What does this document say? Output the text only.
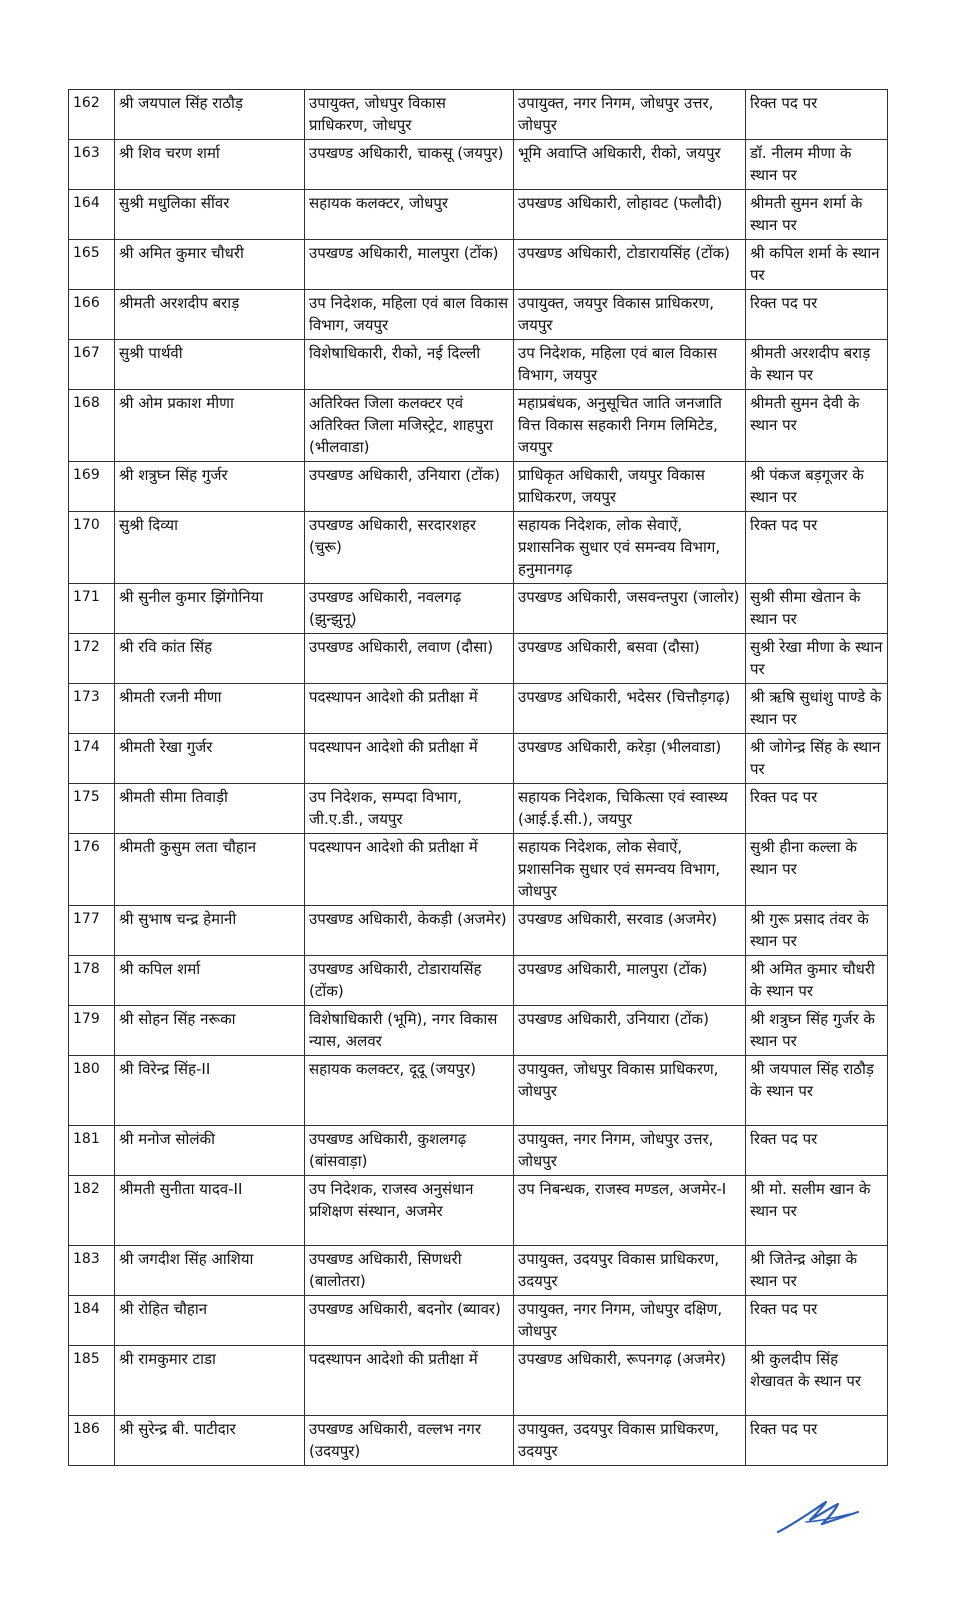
162	श्री जयपाल सिंह राठौड़	उपायुक्त, जोधपुर विकास प्राधिकरण, जोधपुर	उपायुक्त, नगर निगम, जोधपुर उत्तर, जोधपुर	रिक्त पद पर
163	श्री शिव चरण शर्मा	उपखण्ड अधिकारी, चाकसू (जयपुर)	भूमि अवाप्ति अधिकारी, रीको, जयपुर	डॉ. नीलम मीणा के स्थान पर
164	सुश्री मधुलिका सींवर	सहायक कलक्टर, जोधपुर	उपखण्ड अधिकारी, लोहावट (फलौदी)	श्रीमती सुमन शर्मा के स्थान पर
165	श्री अमित कुमार चौधरी	उपखण्ड अधिकारी, मालपुरा (टोंक)	उपखण्ड अधिकारी, टोडारायसिंह (टोंक)	श्री कपिल शर्मा के स्थान पर
166	श्रीमती अरशदीप बराड़	उप निदेशक, महिला एवं बाल विकास विभाग, जयपुर	उपायुक्त, जयपुर विकास प्राधिकरण, जयपुर	रिक्त पद पर
167	सुश्री पार्थवी	विशेषाधिकारी, रीको, नई दिल्ली	उप निदेशक, महिला एवं बाल विकास विभाग, जयपुर	श्रीमती अरशदीप बराड़ के स्थान पर
168	श्री ओम प्रकाश मीणा	अतिरिक्त जिला कलक्टर एवं अतिरिक्त जिला मजिस्ट्रेट, शाहपुरा (भीलवाडा)	महाप्रबंधक, अनुसूचित जाति जनजाति वित्त विकास सहकारी निगम लिमिटेड, जयपुर	श्रीमती सुमन देवी के स्थान पर
169	श्री शत्रुघ्न सिंह गुर्जर	उपखण्ड अधिकारी, उनियारा (टोंक)	प्राधिकृत अधिकारी, जयपुर विकास प्राधिकरण, जयपुर	श्री पंकज बड़गूजर के स्थान पर
170	सुश्री दिव्या	उपखण्ड अधिकारी, सरदारशहर (चुरू)	सहायक निदेशक, लोक सेवाऐं, प्रशासनिक सुधार एवं समन्वय विभाग, हनुमानगढ़	रिक्त पद पर
171	श्री सुनील कुमार झिंगोनिया	उपखण्ड अधिकारी, नवलगढ़ (झुन्झुनू)	उपखण्ड अधिकारी, जसवन्तपुरा (जालोर)	सुश्री सीमा खेतान के स्थान पर
172	श्री रवि कांत सिंह	उपखण्ड अधिकारी, लवाण (दौसा)	उपखण्ड अधिकारी, बसवा (दौसा)	सुश्री रेखा मीणा के स्थान पर
173	श्रीमती रजनी मीणा	पदस्थापन आदेशो की प्रतीक्षा में	उपखण्ड अधिकारी, भदेसर (चित्तौड़गढ़)	श्री ऋषि सुधांशु पाण्डे के स्थान पर
174	श्रीमती रेखा गुर्जर	पदस्थापन आदेशो की प्रतीक्षा में	उपखण्ड अधिकारी, करेड़ा (भीलवाडा)	श्री जोगेन्द्र सिंह के स्थान पर
175	श्रीमती सीमा तिवाड़ी	उप निदेशक, सम्पदा विभाग, जी.ए.डी., जयपुर	सहायक निदेशक, चिकित्सा एवं स्वास्थ्य (आई.ई.सी.), जयपुर	रिक्त पद पर
176	श्रीमती कुसुम लता चौहान	पदस्थापन आदेशो की प्रतीक्षा में	सहायक निदेशक, लोक सेवाऐं, प्रशासनिक सुधार एवं समन्वय विभाग, जोधपुर	सुश्री हीना कल्ला के स्थान पर
177	श्री सुभाष चन्द्र हेमानी	उपखण्ड अधिकारी, केकड़ी (अजमेर)	उपखण्ड अधिकारी, सरवाड (अजमेर)	श्री गुरू प्रसाद तंवर के स्थान पर
178	श्री कपिल शर्मा	उपखण्ड अधिकारी, टोडारायसिंह (टोंक)	उपखण्ड अधिकारी, मालपुरा (टोंक)	श्री अमित कुमार चौधरी के स्थान पर
179	श्री सोहन सिंह नरूका	विशेषाधिकारी (भूमि), नगर विकास न्यास, अलवर	उपखण्ड अधिकारी, उनियारा (टोंक)	श्री शत्रुघ्न सिंह गुर्जर के स्थान पर
180	श्री विरेन्द्र सिंह-II	सहायक कलक्टर, दूदू (जयपुर)	उपायुक्त, जोधपुर विकास प्राधिकरण, जोधपुर	श्री जयपाल सिंह राठौड़ के स्थान पर
181	श्री मनोज सोलंकी	उपखण्ड अधिकारी, कुशलगढ़ (बांसवाड़ा)	उपायुक्त, नगर निगम, जोधपुर उत्तर, जोधपुर	रिक्त पद पर
182	श्रीमती सुनीता यादव-II	उप निदेशक, राजस्व अनुसंधान प्रशिक्षण संस्थान, अजमेर	उप निबन्धक, राजस्व मण्डल, अजमेर-I	श्री मो. सलीम खान के स्थान पर
183	श्री जगदीश सिंह आशिया	उपखण्ड अधिकारी, सिणधरी (बालोतरा)	उपायुक्त, उदयपुर विकास प्राधिकरण, उदयपुर	श्री जितेन्द्र ओझा के स्थान पर
184	श्री रोहित चौहान	उपखण्ड अधिकारी, बदनोर (ब्यावर)	उपायुक्त, नगर निगम, जोधपुर दक्षिण, जोधपुर	रिक्त पद पर
185	श्री रामकुमार टाडा	पदस्थापन आदेशो की प्रतीक्षा में	उपखण्ड अधिकारी, रूपनगढ़ (अजमेर)	श्री कुलदीप सिंह शेखावत के स्थान पर
186	श्री सुरेन्द्र बी. पाटीदार	उपखण्ड अधिकारी, वल्लभ नगर (उदयपुर)	उपायुक्त, उदयपुर विकास प्राधिकरण, उदयपुर	रिक्त पद पर
